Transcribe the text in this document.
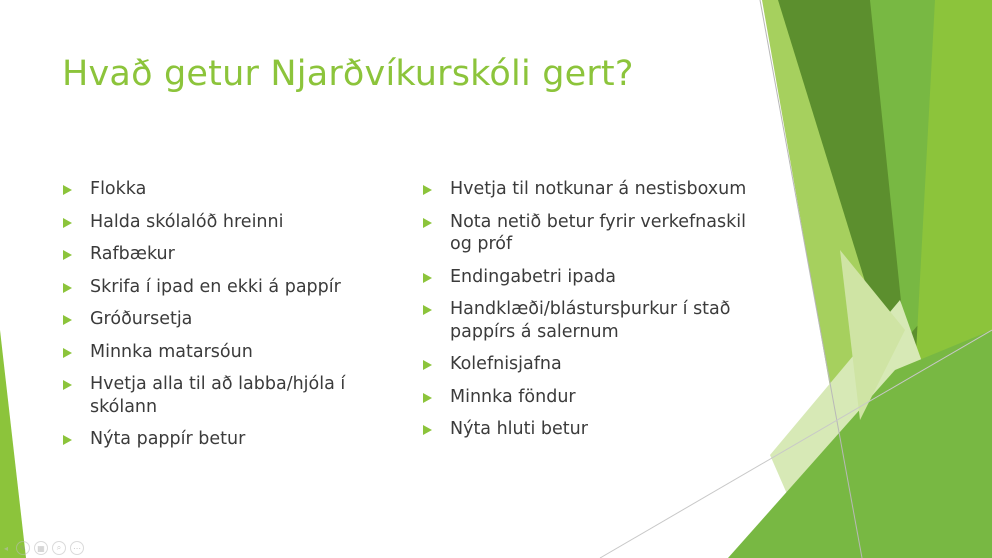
Hvað getur Njarðvíkurskóli gert?
Flokka
Halda skólalóð hreinni
Rafbækur
Skrifa í ipad en ekki á pappír
Gróðursetja
Minnka matarsóun
Hvetja alla til að labba/hjóla í
skólann
Nýta pappír betur
Hvetja til notkunar á nestisboxum
Nota netið betur fyrir verkefnaskil
og próf
Endingabetri ipada
Handklæði/blástursþurkur í stað
pappírs á salernum
Kolefnisjafna
Minnka föndur
Nýta hluti betur
◂	✎	▦	⌕	⋯
